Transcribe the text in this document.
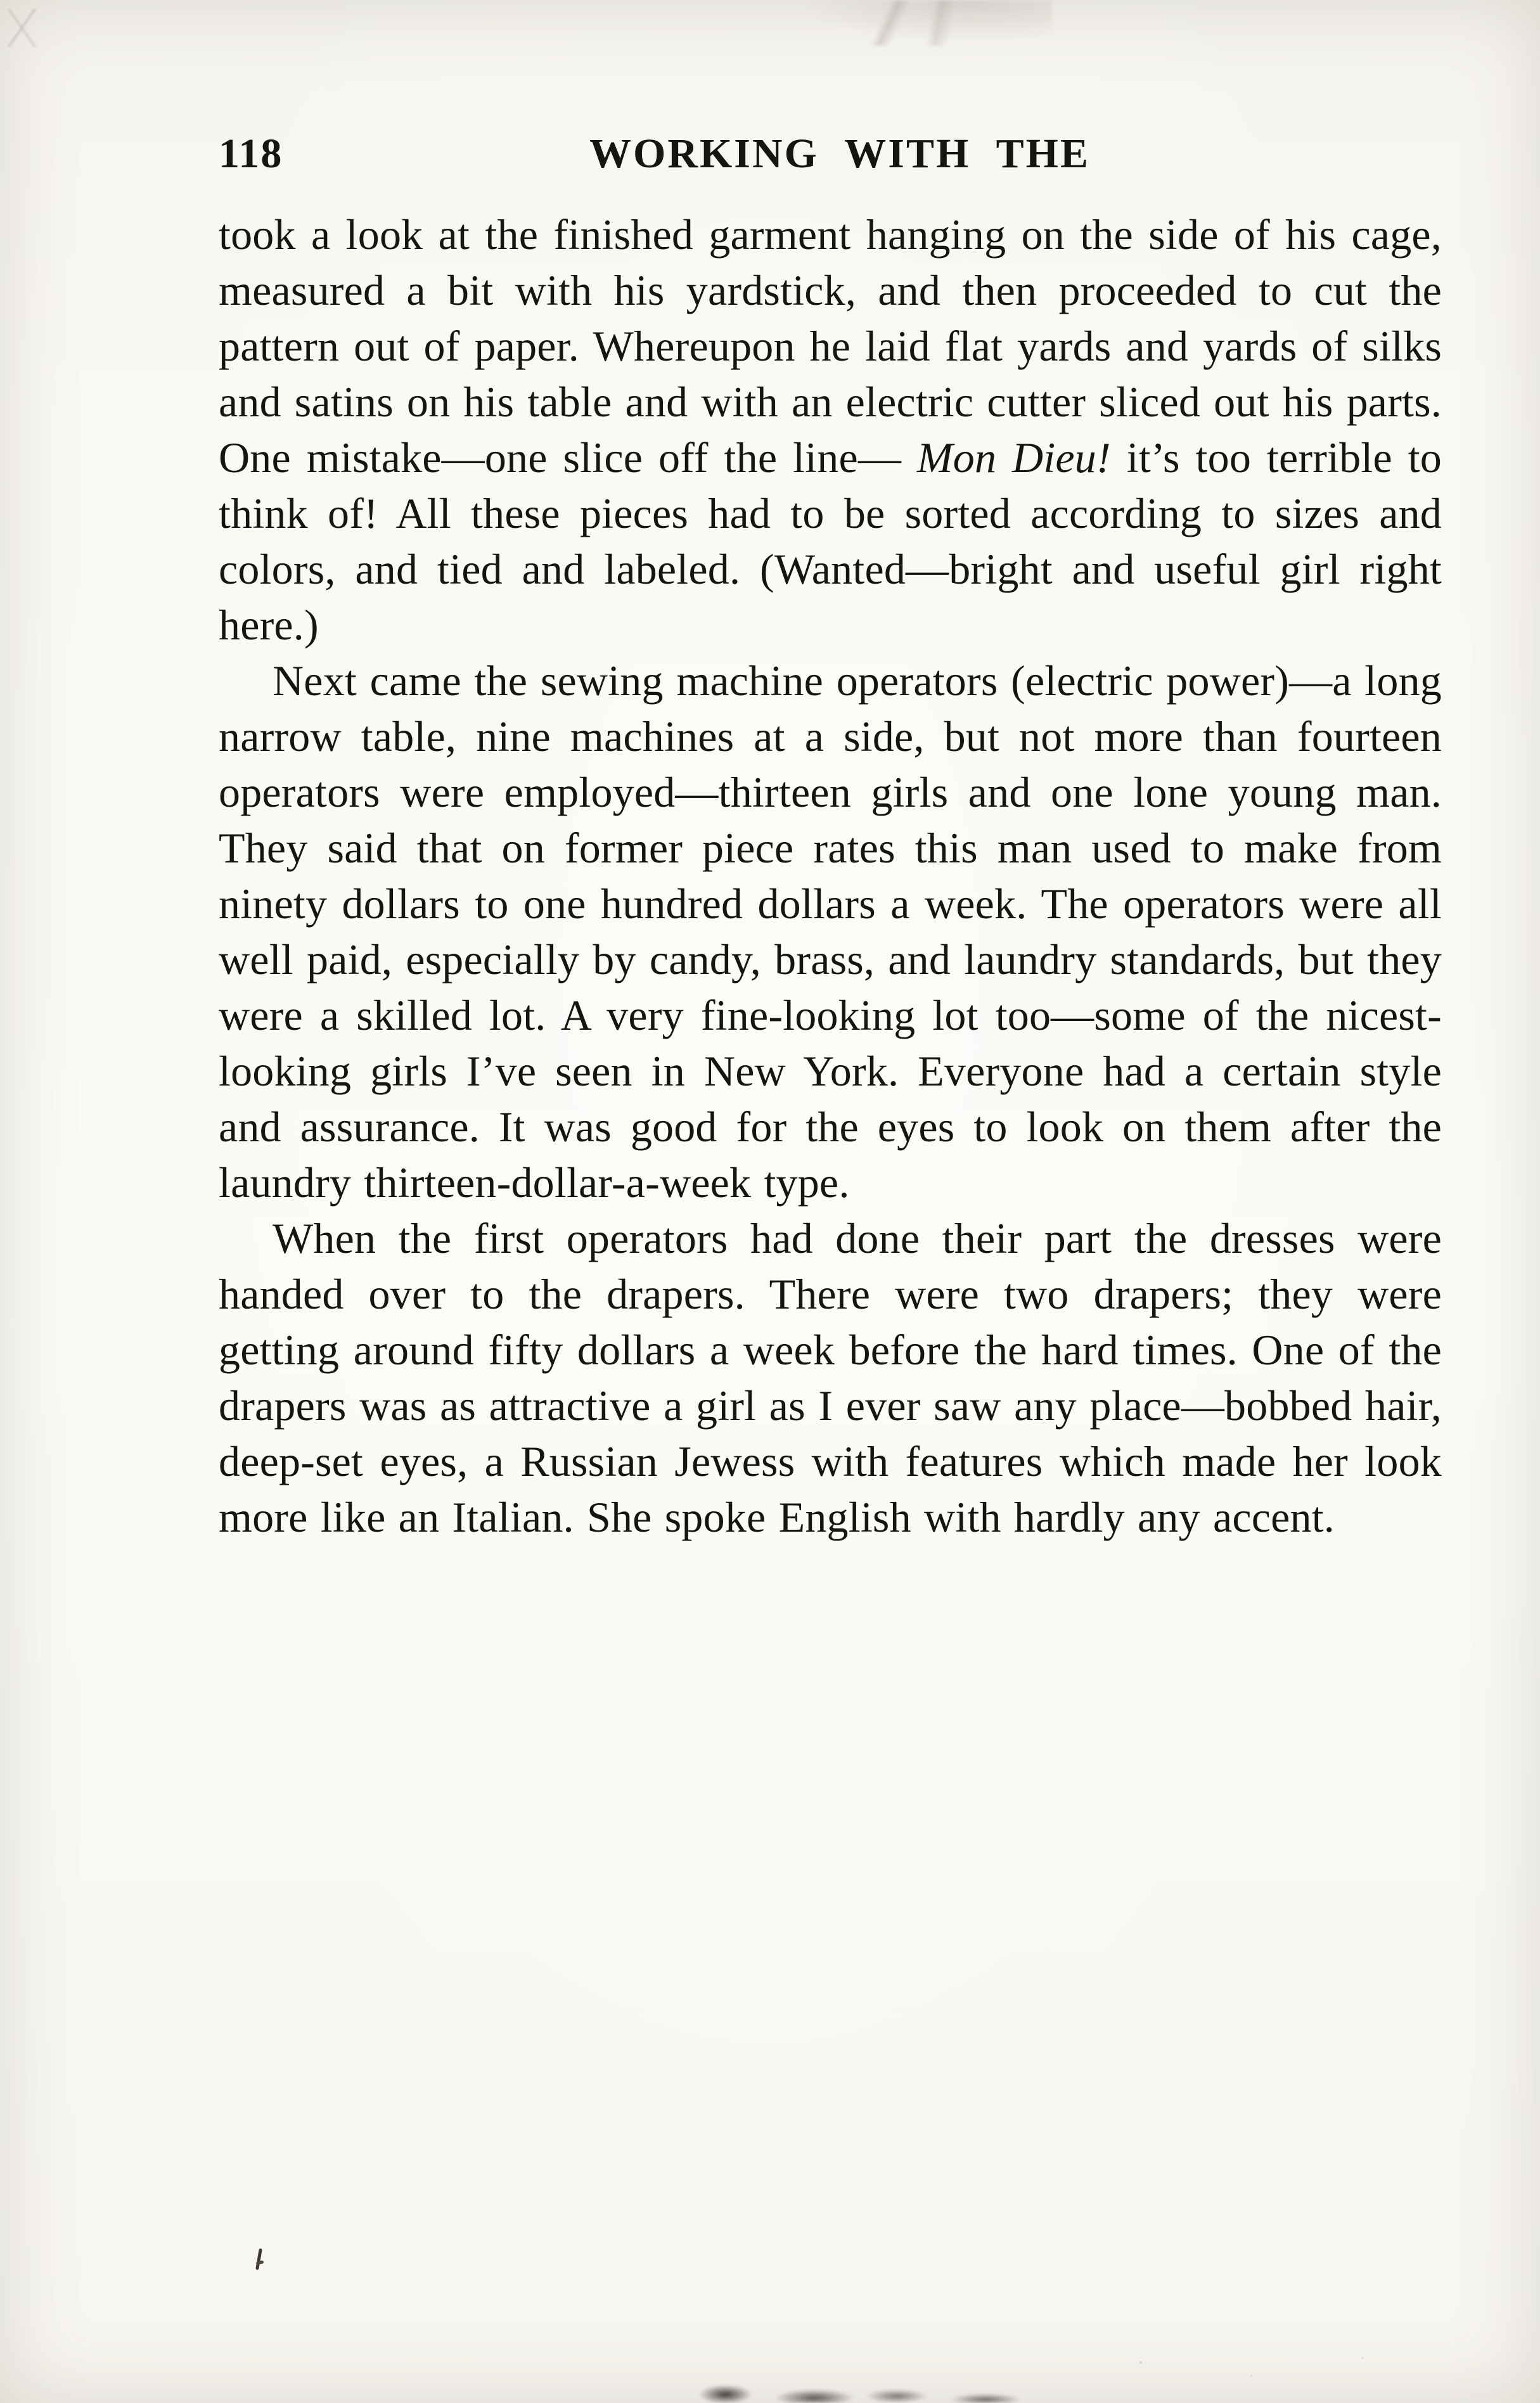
118	WORKING WITH THE

took a look at the finished garment hanging on the side of his cage, measured a bit with his yardstick, and then proceeded to cut the pattern out of paper. Whereupon he laid flat yards and yards of silks and satins on his table and with an electric cutter sliced out his parts. One mistake—one slice off the line— Mon Dieu! it’s too terrible to think of! All these pieces had to be sorted according to sizes and colors, and tied and labeled. (Wanted—bright and useful girl right here.)

Next came the sewing machine operators (electric power)—a long narrow table, nine machines at a side, but not more than fourteen operators were employed—thirteen girls and one lone young man. They said that on former piece rates this man used to make from ninety dollars to one hundred dollars a week. The operators were all well paid, especially by candy, brass, and laundry standards, but they were a skilled lot. A very fine-looking lot too—some of the nicest-looking girls I’ve seen in New York. Everyone had a certain style and assurance. It was good for the eyes to look on them after the laundry thirteen-dollar-a-week type.

When the first operators had done their part the dresses were handed over to the drapers. There were two drapers; they were getting around fifty dollars a week before the hard times. One of the drapers was as attractive a girl as I ever saw any place—bobbed hair, deep-set eyes, a Russian Jewess with features which made her look more like an Italian. She spoke English with hardly any accent.
